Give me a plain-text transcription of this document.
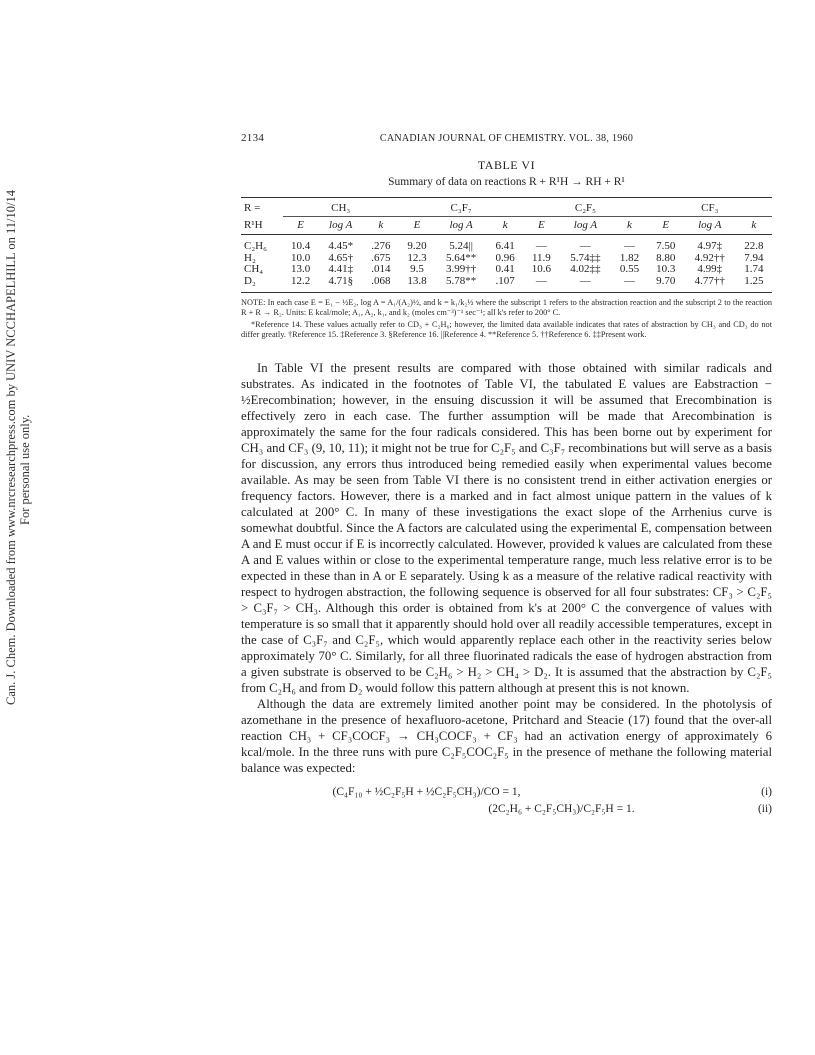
Can. J. Chem. Downloaded from www.nrcresearchpress.com by UNIV NCCHAPELHILL on 11/10/14 For personal use only.
2134	CANADIAN JOURNAL OF CHEMISTRY. VOL. 38, 1960
TABLE VI
Summary of data on reactions R + R¹H → RH + R¹
R =	CH₃			C₃F₇			C₂F₅			CF₃		
R¹H	E	log A	k	E	log A	k	E	log A	k	E	log A	k
C₂H₆	10.4	4.45*	.276	9.20	5.24||	6.41	—	—	—	7.50	4.97‡	22.8
H₂	10.0	4.65†	.675	12.3	5.64**	0.96	11.9	5.74‡‡	1.82	8.80	4.92††	7.94
CH₄	13.0	4.41‡	.014	9.5	3.99††	0.41	10.6	4.02‡‡	0.55	10.3	4.99‡	1.74
D₂	12.2	4.71§	.068	13.8	5.78**	.107	—	—	—	9.70	4.77††	1.25

NOTE: In each case E = E₁ − ½E₂, log A = A₁/(A₂)½, and k = k₁/k₂½ where the subscript 1 refers to the abstraction reaction and the subscript 2 to the reaction R + R → R₂. Units: E kcal/mole; A₁, A₂, k₁, and k₂ (moles cm⁻³)⁻¹ sec⁻¹; all k's refer to 200° C.

*Reference 14. These values actually refer to CD₃ + C₂H₆; however, the limited data available indicates that rates of abstraction by CH₃ and CD₃ do not differ greatly. †Reference 15. ‡Reference 3. §Reference 16. ||Reference 4. **Reference 5. ††Reference 6. ‡‡Present work.

In Table VI the present results are compared with those obtained with similar radicals and substrates. As indicated in the footnotes of Table VI, the tabulated E values are Eabstraction − ½Erecombination; however, in the ensuing discussion it will be assumed that Erecombination is effectively zero in each case. The further assumption will be made that Arecombination is approximately the same for the four radicals considered. This has been borne out by experiment for CH₃ and CF₃ (9, 10, 11); it might not be true for C₂F₅ and C₃F₇ recombinations but will serve as a basis for discussion, any errors thus introduced being remedied easily when experimental values become available. As may be seen from Table VI there is no consistent trend in either activation energies or frequency factors. However, there is a marked and in fact almost unique pattern in the values of k calculated at 200° C. In many of these investigations the exact slope of the Arrhenius curve is somewhat doubtful. Since the A factors are calculated using the experimental E, compensation between A and E must occur if E is incorrectly calculated. However, provided k values are calculated from these A and E values within or close to the experimental temperature range, much less relative error is to be expected in these than in A or E separately. Using k as a measure of the relative radical reactivity with respect to hydrogen abstraction, the following sequence is observed for all four substrates: CF₃ > C₂F₅ > C₃F₇ > CH₃. Although this order is obtained from k's at 200° C the convergence of values with temperature is so small that it apparently should hold over all readily accessible temperatures, except in the case of C₃F₇ and C₂F₅, which would apparently replace each other in the reactivity series below approximately 70° C. Similarly, for all three fluorinated radicals the ease of hydrogen abstraction from a given substrate is observed to be C₂H₆ > H₂ > CH₄ > D₂. It is assumed that the abstraction by C₂F₅ from C₂H₆ and from D₂ would follow this pattern although at present this is not known.

Although the data are extremely limited another point may be considered. In the photolysis of azomethane in the presence of hexafluoro-acetone, Pritchard and Steacie (17) found that the over-all reaction CH₃ + CF₃COCF₃ → CH₃COCF₃ + CF₃ had an activation energy of approximately 6 kcal/mole. In the three runs with pure C₂F₅COC₂F₅ in the presence of methane the following material balance was expected:

(C₄F₁₀ + ½C₂F₅H + ½C₂F₅CH₃)/CO = 1,	(i)
(2C₂H₆ + C₂F₅CH₃)/C₂F₅H = 1.	(ii)
